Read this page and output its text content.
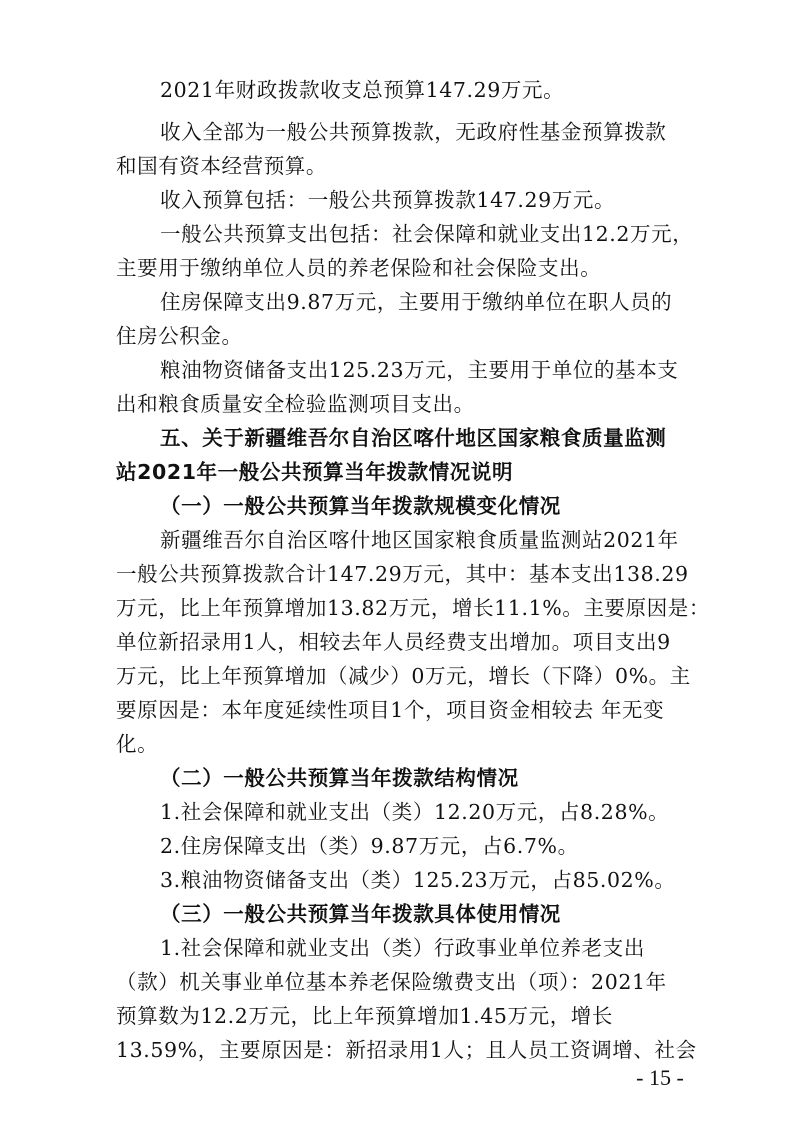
2021年财政拨款收支总预算147.29万元。
收入全部为一般公共预算拨款，无政府性基金预算拨款
和国有资本经营预算。
收入预算包括：一般公共预算拨款147.29万元。
一般公共预算支出包括：社会保障和就业支出12.2万元，
主要用于缴纳单位人员的养老保险和社会保险支出。
住房保障支出9.87万元，主要用于缴纳单位在职人员的
住房公积金。
粮油物资储备支出125.23万元，主要用于单位的基本支
出和粮食质量安全检验监测项目支出。
五、关于新疆维吾尔自治区喀什地区国家粮食质量监测
站2021年一般公共预算当年拨款情况说明
（一）一般公共预算当年拨款规模变化情况
新疆维吾尔自治区喀什地区国家粮食质量监测站2021年
一般公共预算拨款合计147.29万元，其中：基本支出138.29
万元，比上年预算增加13.82万元，增长11.1%。主要原因是：
单位新招录用1人，相较去年人员经费支出增加。项目支出9
万元，比上年预算增加（减少）0万元，增长（下降）0%。主
要原因是：本年度延续性项目1个，项目资金相较去 年无变
化。
（二）一般公共预算当年拨款结构情况
1.社会保障和就业支出（类）12.20万元，占8.28%。
2.住房保障支出（类）9.87万元，占6.7%。
3.粮油物资储备支出（类）125.23万元，占85.02%。
（三）一般公共预算当年拨款具体使用情况
1.社会保障和就业支出（类）行政事业单位养老支出
（款）机关事业单位基本养老保险缴费支出（项）：2021年
预算数为12.2万元，比上年预算增加1.45万元，增长
13.59%，主要原因是：新招录用1人；且人员工资调增、社会
- 15 -
